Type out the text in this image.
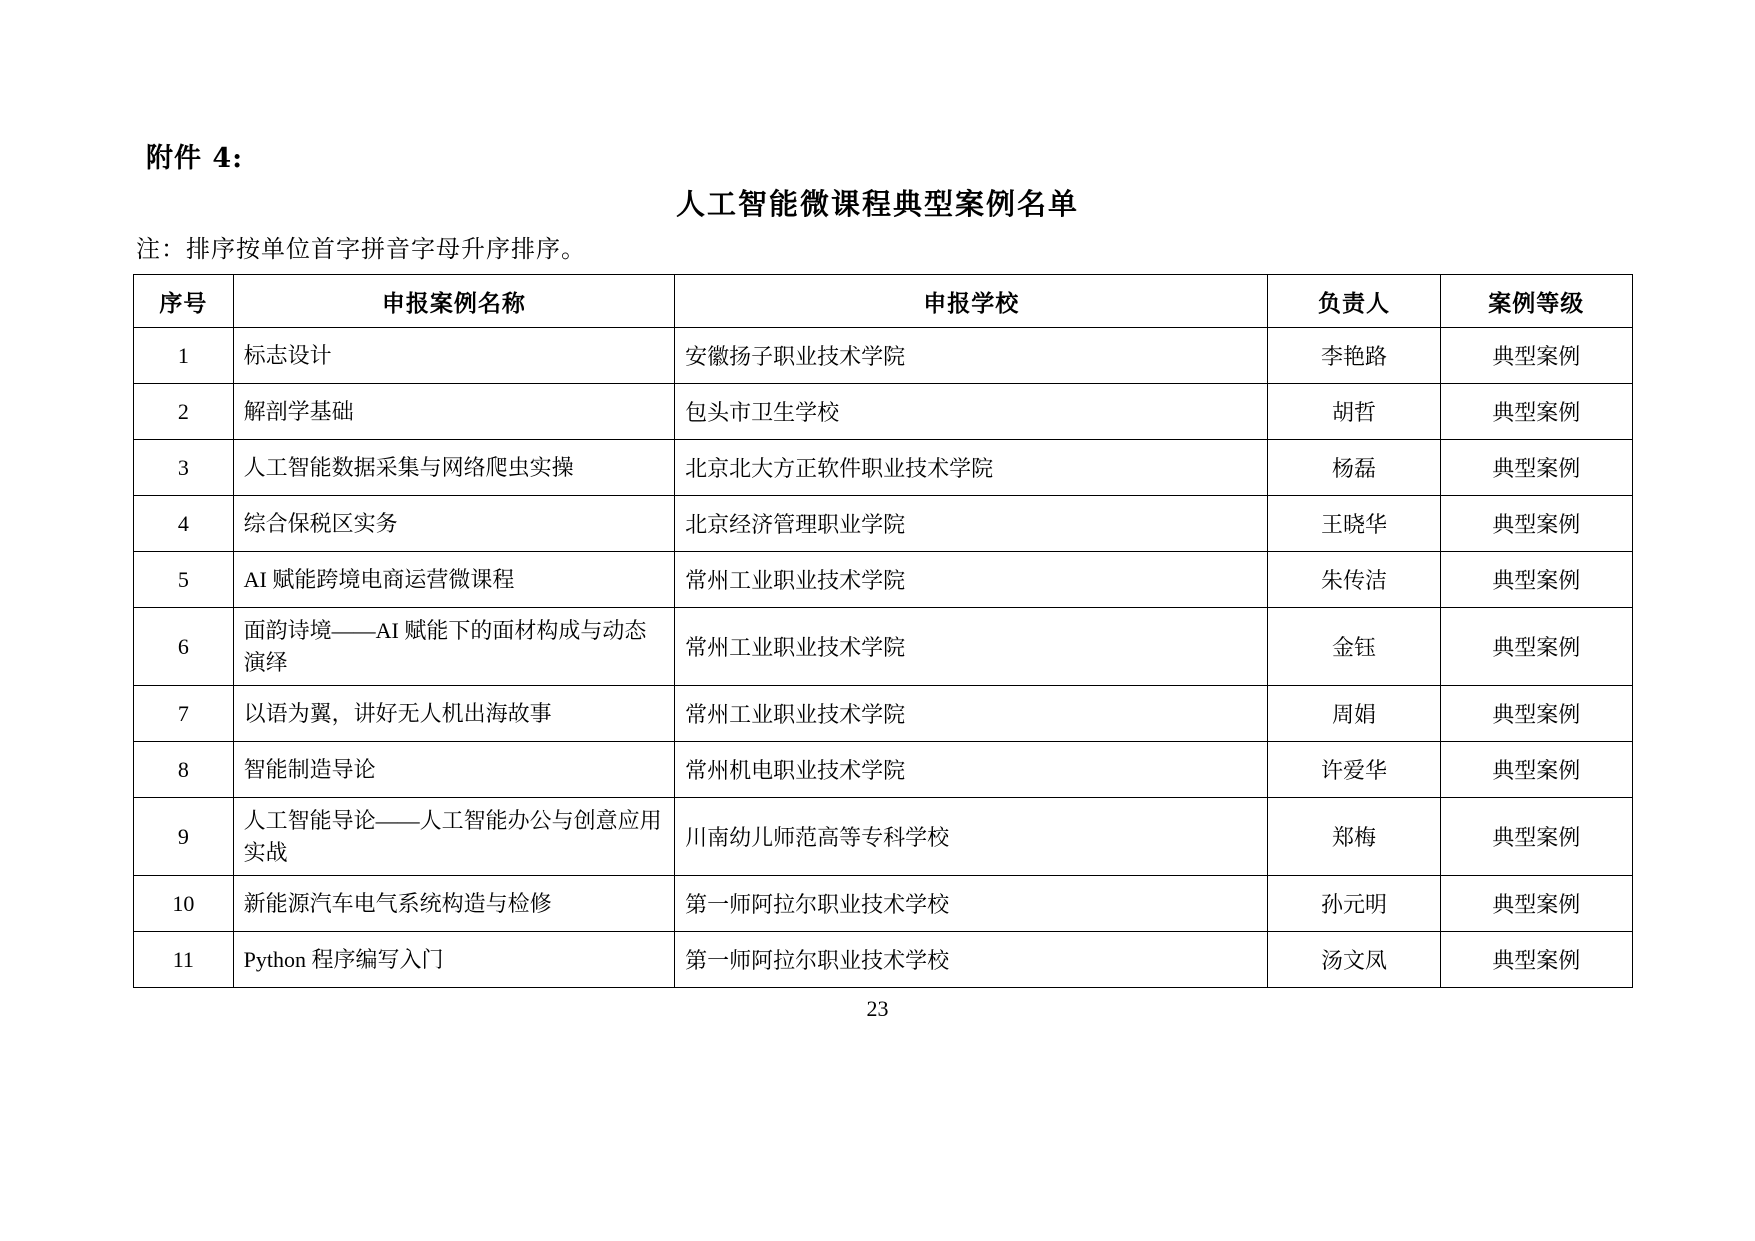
附件 4:
人工智能微课程典型案例名单
注：排序按单位首字拼音字母升序排序。
序号	申报案例名称	申报学校	负责人	案例等级
1	标志设计	安徽扬子职业技术学院	李艳路	典型案例
2	解剖学基础	包头市卫生学校	胡哲	典型案例
3	人工智能数据采集与网络爬虫实操	北京北大方正软件职业技术学院	杨磊	典型案例
4	综合保税区实务	北京经济管理职业学院	王晓华	典型案例
5	AI 赋能跨境电商运营微课程	常州工业职业技术学院	朱传洁	典型案例
6	面韵诗境——AI 赋能下的面材构成与动态演绎	常州工业职业技术学院	金钰	典型案例
7	以语为翼，讲好无人机出海故事	常州工业职业技术学院	周娟	典型案例
8	智能制造导论	常州机电职业技术学院	许爱华	典型案例
9	人工智能导论——人工智能办公与创意应用实战	川南幼儿师范高等专科学校	郑梅	典型案例
10	新能源汽车电气系统构造与检修	第一师阿拉尔职业技术学校	孙元明	典型案例
11	Python 程序编写入门	第一师阿拉尔职业技术学校	汤文凤	典型案例
23
